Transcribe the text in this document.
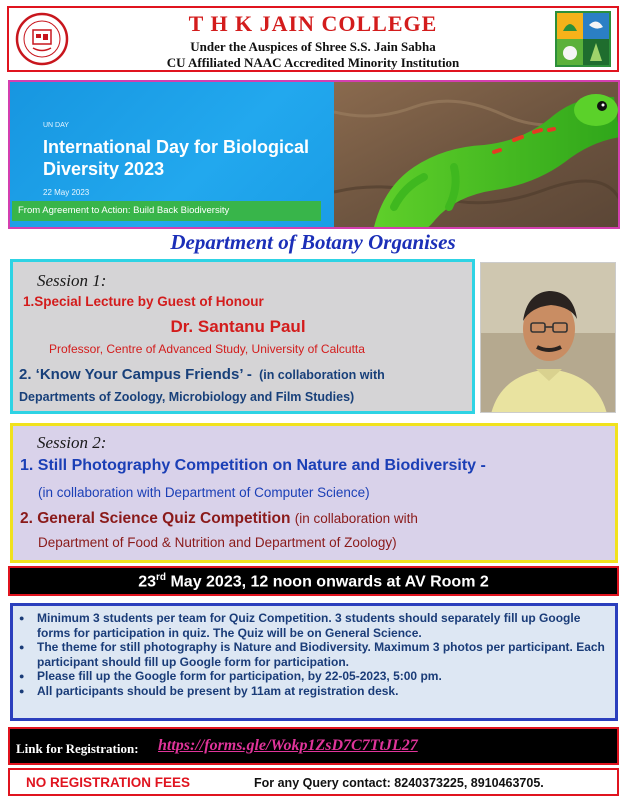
T H K JAIN COLLEGE
Under the Auspices of Shree S.S. Jain Sabha
CU Affiliated NAAC Accredited Minority Institution
UN DAY
International Day for Biological Diversity 2023
22 May 2023
From Agreement to Action: Build Back Biodiversity
Department of Botany Organises
Session 1:
1.Special Lecture by Guest of Honour
Dr. Santanu Paul
Professor, Centre of Advanced Study, University of Calcutta
2. ‘Know Your Campus Friends’ - (in collaboration with
Departments of Zoology, Microbiology and Film Studies)
Session 2:
1. Still Photography Competition on Nature and Biodiversity -
(in collaboration with Department of Computer Science)
2. General Science Quiz Competition (in collaboration with
Department of Food & Nutrition and Department of Zoology)
23rd May 2023, 12 noon onwards at AV Room 2
● Minimum 3 students per team for Quiz Competition. 3 students should separately fill up Google forms for participation in quiz. The Quiz will be on General Science.
● The theme for still photography is Nature and Biodiversity. Maximum 3 photos per participant. Each participant should fill up Google form for participation.
● Please fill up the Google form for participation, by 22-05-2023, 5:00 pm.
● All participants should be present by 11am at registration desk.
Link for Registration: https://forms.gle/Wokp1ZsD7C7TtJL27
NO REGISTRATION FEES	For any Query contact: 8240373225, 8910463705.
